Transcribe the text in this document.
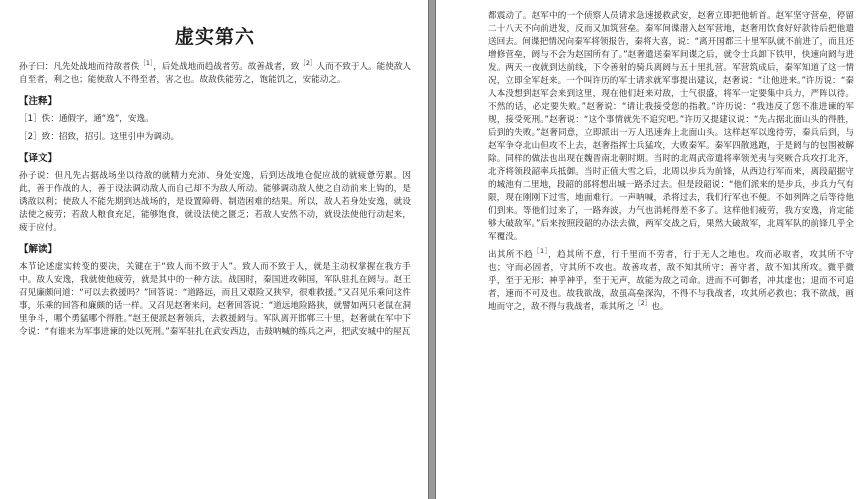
虚实第六

孙子曰：凡先处战地而待敌者佚$^{[1]}$，后处战地而趋战者劳。故善战者，致$^{[2]}$人而不致于人。能使敌人自至者，利之也；能使敌人不得至者，害之也。故敌佚能劳之，饱能饥之，安能动之。

【注释】

［1］佚：通假字，通“逸”，安逸。

［2］致：招致，招引。这里引申为调动。

【译文】

孙子说：但凡先占据战场坐以待敌的就精力充沛、身处安逸，后到达战地仓促应战的就疲惫劳累。因此，善于作战的人，善于设法调动敌人而自己却不为敌人所动。能够调动敌人使之自动前来上钩的，是诱敌以利；使敌人不能先期到达战场的，是设置障碍、制造困难的结果。所以，敌人若身处安逸，就设法使之疲劳；若敌人粮食充足，能够饱食，就设法使之匮乏；若敌人安然不动，就设法使他行动起来，疲于应付。

【解读】

本节论述虚实转变的要决，关键在于“致人而不致于人”。致人而不致于人，就是主动权掌握在我方手中。敌人安逸，我就使他疲劳，就是其中的一种方法。战国时，秦国进攻韩国，军队驻扎在阏与。赵王召见廉颇问道：“可以去救援吗？”回答说：“道路远，而且又艰险又狭窄，很难救援。”又召见乐乘问这件事，乐乘的回答和廉颇的话一样。又召见赵奢来问，赵奢回答说：“道远地险路狭，就譬如两只老鼠在洞里争斗，哪个勇猛哪个得胜。”赵王便派赵奢领兵，去救援阏与。军队离开邯郸三十里，赵奢就在军中下令说：“有谁来为军事进谏的处以死刑。”秦军驻扎在武安西边，击鼓呐喊的练兵之声，把武安城中的屋瓦

都震动了。赵军中的一个侦察人员请求急速援救武安，赵奢立即把他斩首。赵军坚守营垒，停留二十八天不向前进发，反而又加筑营垒。秦军间谍潜入赵军营地，赵奢用饮食好好款待后把他遣送回去。间谍把情况向秦军将领报告，秦将大喜，说：“离开国都三十里军队就不前进了，而且还增修营垒，阏与不会为赵国所有了。”赵奢遣送秦军间谍之后，就令士兵卸下铁甲，快速向阏与进发。两天一夜就到达前线，下令善射的骑兵离阏与五十里扎营。军营筑成后，秦军知道了这一情况，立即全军赶来。一个叫许历的军士请求就军事提出建议，赵奢说：“让他进来。”许历说：“秦人本没想到赵军会来到这里，现在他们赶来对敌，士气很盛，将军一定要集中兵力，严阵以待。不然的话，必定要失败。”赵奢说：“请让我接受您的指教。”许历说：“我违反了您不准进谏的军规，接受死刑。”赵奢说：“这个事情就先不追究吧。”许历又提建议说：“先占据北面山头的得胜，后到的失败。”赵奢同意，立即派出一万人迅速奔上北面山头。这样赵军以逸待劳，秦兵后到，与赵军争夺北山但攻不上去，赵奢指挥士兵猛攻，大败秦军。秦军四散逃跑，于是阏与的包围被解除。同样的做法也出现在魏晋南北朝时期。当时的北周武帝遣将率领羌夷与突厥合兵攻打北齐，北齐将领段韶率兵抵御。当时正值大雪之后，北周以步兵为前锋，从西边行军而来，离段韶据守的城池有二里地，段韶的部将想出城一路杀过去。但是段韶说：“他们派来的是步兵，步兵力气有限，现在刚刚下过雪，地面难行。一声呐喊，杀将过去，我们行军也不便。不如列阵之后等待他们到来。等他们过来了，一路奔波，力气也消耗得差不多了。这样他们疲劳，我方安逸，肯定能够大破敌军。”后来按照段韶的办法去做，两军交战之后，果然大破敌军，北周军队的前锋几乎全军覆没。

出其所不趋$^{[1]}$，趋其所不意，行千里而不劳者，行于无人之地也。攻而必取者，攻其所不守也；守而必固者，守其所不攻也。故善攻者，敌不知其所守；善守者，敌不知其所攻。微乎微乎，至于无形；神乎神乎，至于无声，故能为敌之司命。进而不可御者，冲其虚也；退而不可追者，速而不可及也。故我欲战，敌虽高垒深沟，不得不与我战者，攻其所必救也；我不欲战，画地而守之，敌不得与我战者，乖其所之$^{[2]}$也。
